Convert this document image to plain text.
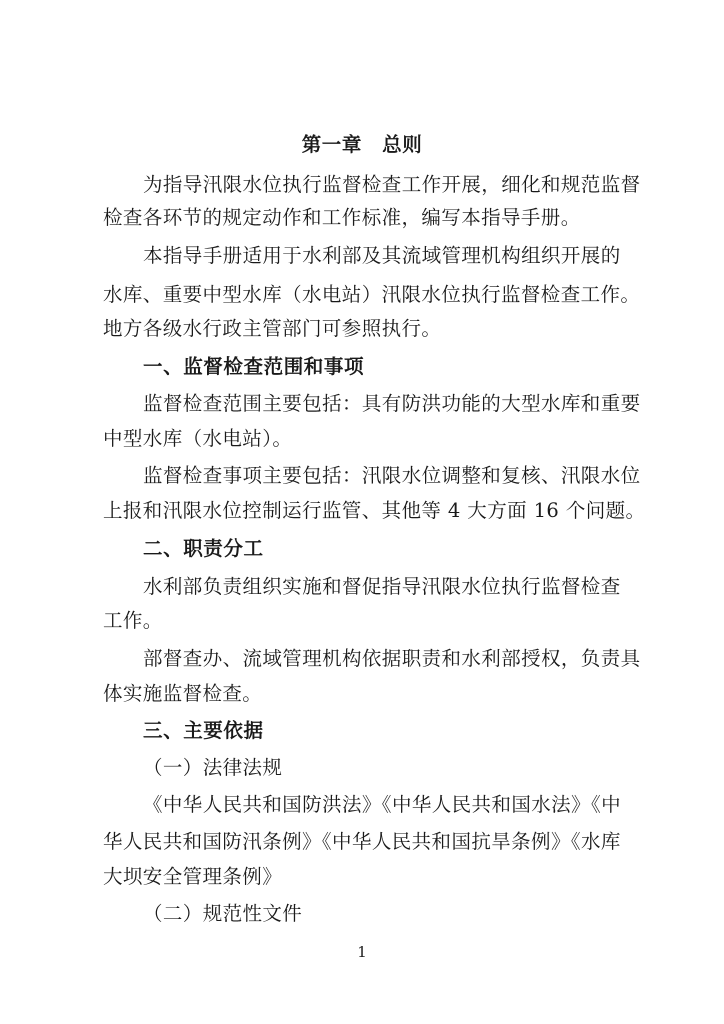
第一章　总则
为指导汛限水位执行监督检查工作开展，细化和规范监督
检查各环节的规定动作和工作标准，编写本指导手册。
本指导手册适用于水利部及其流域管理机构组织开展的
水库、重要中型水库（水电站）汛限水位执行监督检查工作。
地方各级水行政主管部门可参照执行。
一、监督检查范围和事项
监督检查范围主要包括：具有防洪功能的大型水库和重要
中型水库（水电站）。
监督检查事项主要包括：汛限水位调整和复核、汛限水位
上报和汛限水位控制运行监管、其他等 4 大方面 16 个问题。
二、职责分工
水利部负责组织实施和督促指导汛限水位执行监督检查
工作。
部督查办、流域管理机构依据职责和水利部授权，负责具
体实施监督检查。
三、主要依据
（一）法律法规
《中华人民共和国防洪法》《中华人民共和国水法》《中
华人民共和国防汛条例》《中华人民共和国抗旱条例》《水库
大坝安全管理条例》
（二）规范性文件
1
